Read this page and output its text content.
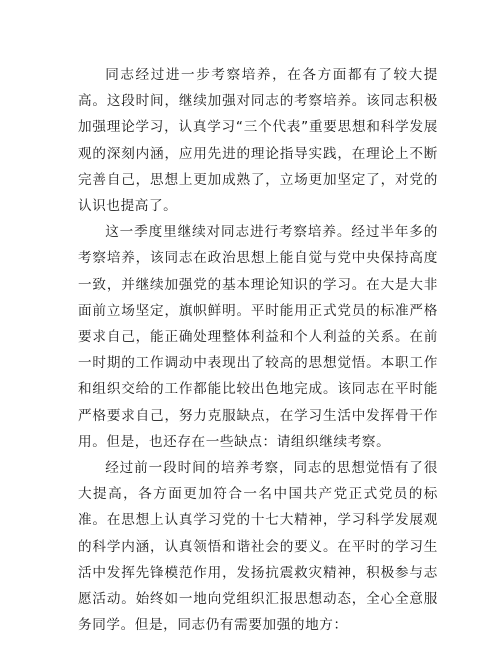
同志经过进一步考察培养，在各方面都有了较大提高。这段时间，继续加强对同志的考察培养。该同志积极加强理论学习，认真学习“三个代表”重要思想和科学发展观的深刻内涵，应用先进的理论指导实践，在理论上不断完善自己，思想上更加成熟了，立场更加坚定了，对党的认识也提高了。

这一季度里继续对同志进行考察培养。经过半年多的考察培养，该同志在政治思想上能自觉与党中央保持高度一致，并继续加强党的基本理论知识的学习。在大是大非面前立场坚定，旗帜鲜明。平时能用正式党员的标准严格要求自己，能正确处理整体利益和个人利益的关系。在前一时期的工作调动中表现出了较高的思想觉悟。本职工作和组织交给的工作都能比较出色地完成。该同志在平时能严格要求自己，努力克服缺点，在学习生活中发挥骨干作用。但是，也还存在一些缺点：请组织继续考察。

经过前一段时间的培养考察，同志的思想觉悟有了很大提高，各方面更加符合一名中国共产党正式党员的标准。在思想上认真学习党的十七大精神，学习科学发展观的科学内涵，认真领悟和谐社会的要义。在平时的学习生活中发挥先锋模范作用，发扬抗震救灾精神，积极参与志愿活动。始终如一地向党组织汇报思想动态，全心全意服务同学。但是，同志仍有需要加强的地方：
